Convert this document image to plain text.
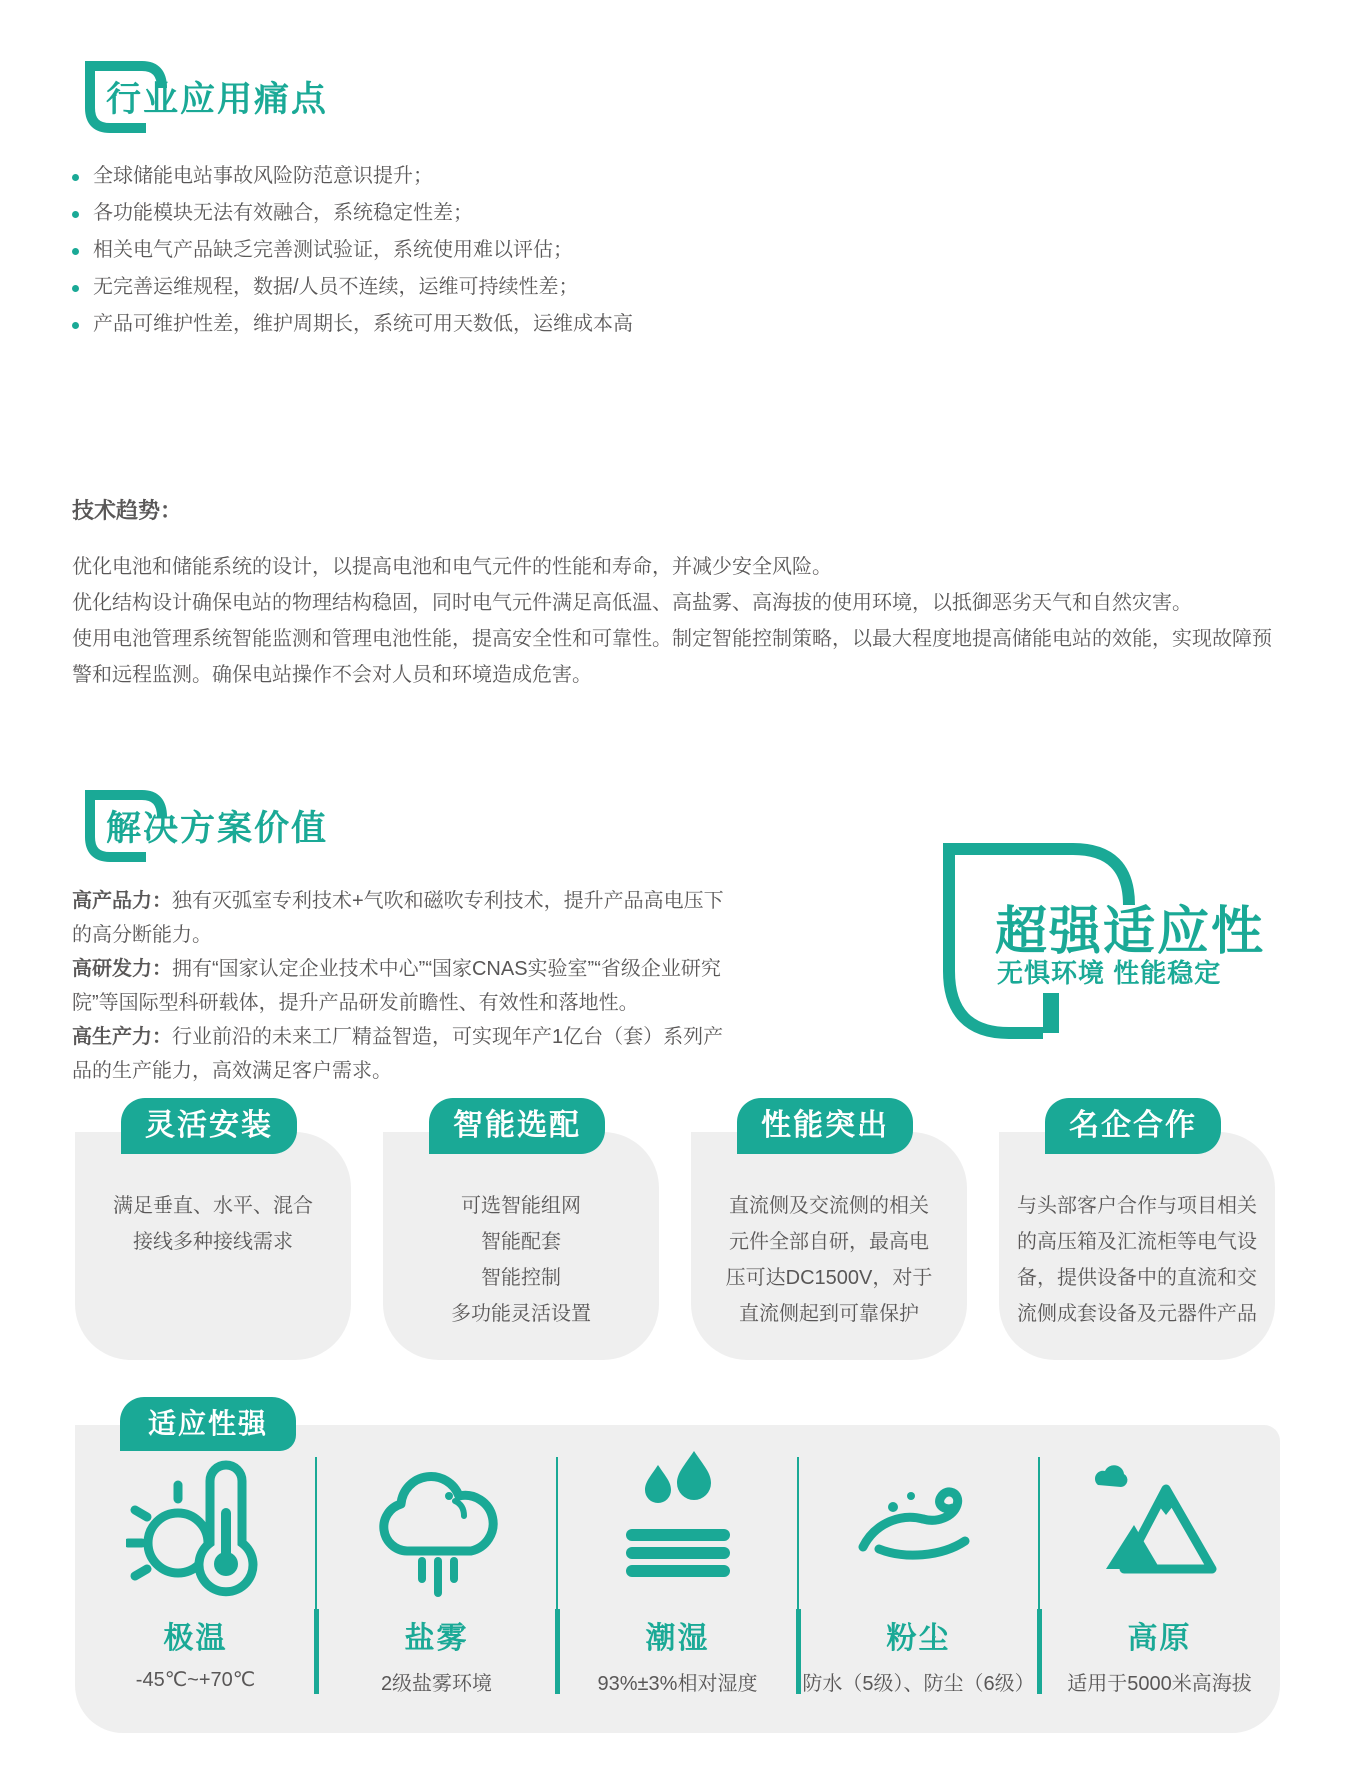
行业应用痛点
全球储能电站事故风险防范意识提升；
各功能模块无法有效融合，系统稳定性差；
相关电气产品缺乏完善测试验证，系统使用难以评估；
无完善运维规程，数据/人员不连续，运维可持续性差；
产品可维护性差，维护周期长，系统可用天数低，运维成本高
技术趋势：

优化电池和储能系统的设计，以提高电池和电气元件的性能和寿命，并减少安全风险。

优化结构设计确保电站的物理结构稳固，同时电气元件满足高低温、高盐雾、高海拔的使用环境，以抵御恶劣天气和自然灾害。

使用电池管理系统智能监测和管理电池性能，提高安全性和可靠性。制定智能控制策略，以最大程度地提高储能电站的效能，实现故障预警和远程监测。确保电站操作不会对人员和环境造成危害。

解决方案价值

高产品力：独有灭弧室专利技术+气吹和磁吹专利技术，提升产品高电压下的高分断能力。

高研发力：拥有“国家认定企业技术中心”“国家CNAS实验室”“省级企业研究院”等国际型科研载体，提升产品研发前瞻性、有效性和落地性。

高生产力：行业前沿的未来工厂精益智造，可实现年产1亿台（套）系列产品的生产能力，高效满足客户需求。

超强适应性
无惧环境 性能稳定
灵活安装
满足垂直、水平、混合
接线多种接线需求
智能选配
可选智能组网
智能配套
智能控制
多功能灵活设置
性能突出
直流侧及交流侧的相关
元件全部自研，最高电
压可达DC1500V，对于
直流侧起到可靠保护
名企合作
与头部客户合作与项目相关
的高压箱及汇流柜等电气设
备，提供设备中的直流和交
流侧成套设备及元器件产品
适应性强
极温
-45℃~+70℃
盐雾
2级盐雾环境
潮湿
93%±3%相对湿度
粉尘
防水（5级）、防尘（6级）
高原
适用于5000米高海拔
